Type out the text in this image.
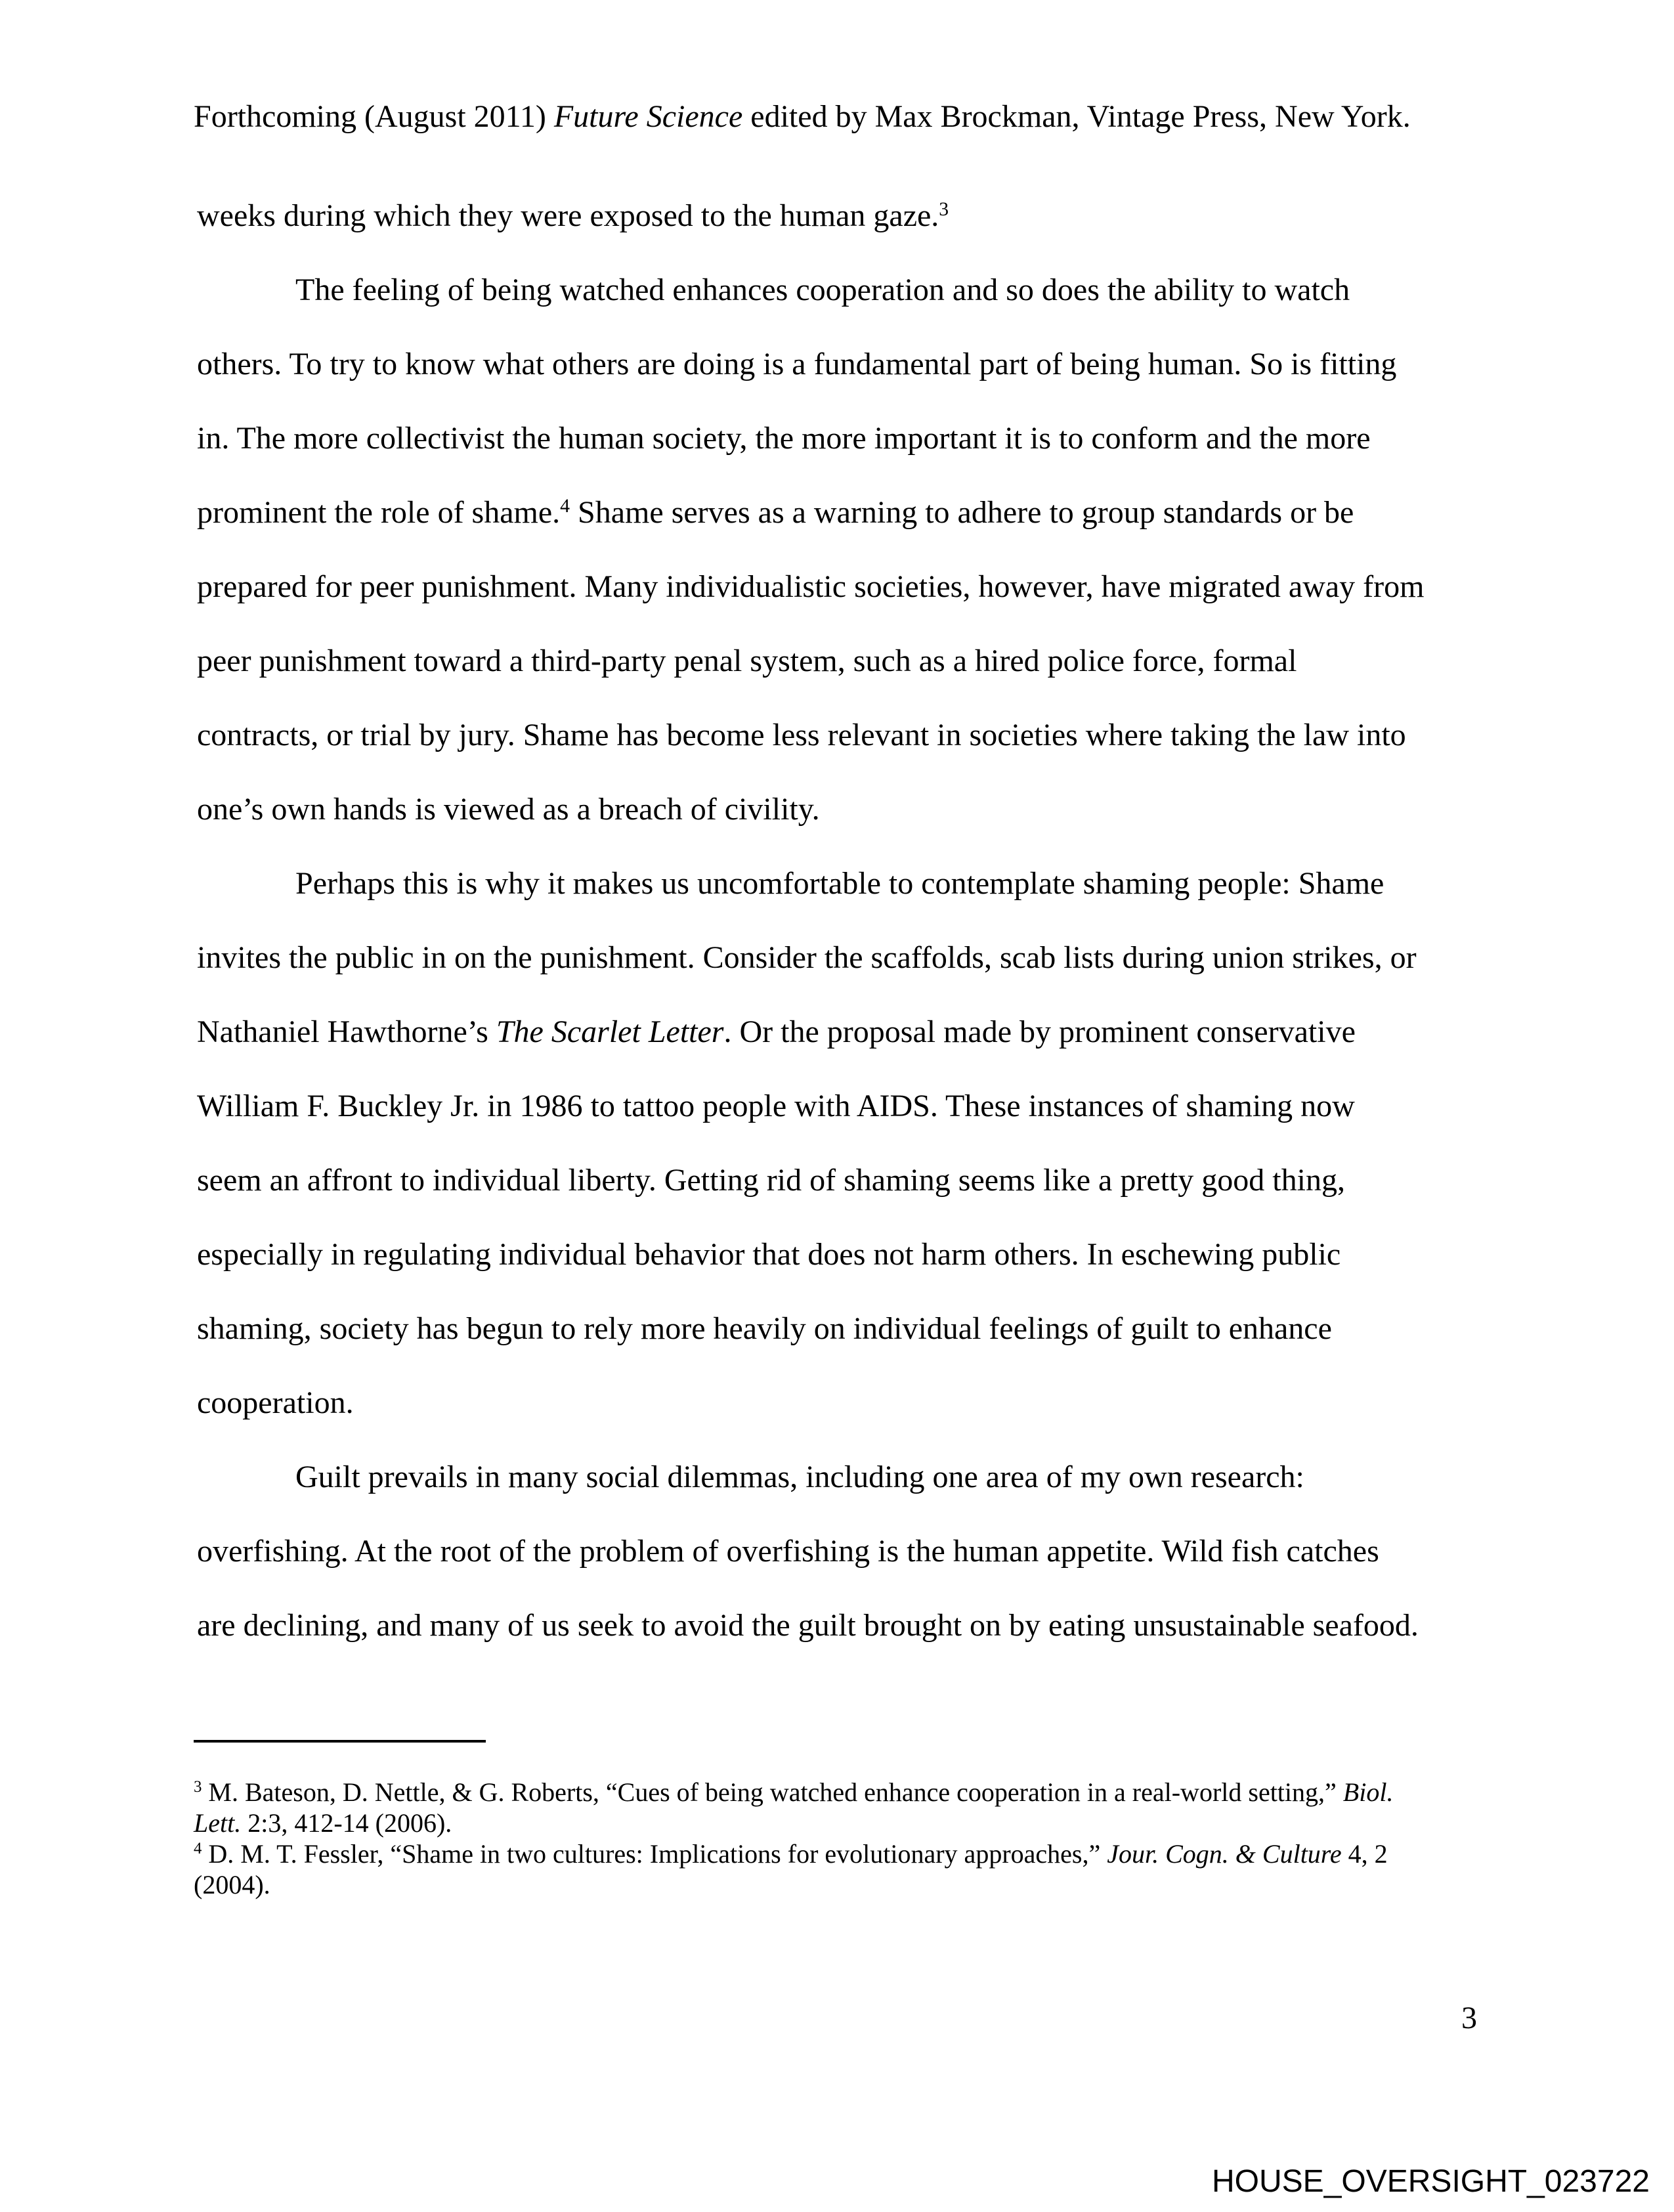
Forthcoming (August 2011) Future Science edited by Max Brockman, Vintage Press, New York.
weeks during which they were exposed to the human gaze.$^3$
The feeling of being watched enhances cooperation and so does the ability to watch
others. To try to know what others are doing is a fundamental part of being human. So is fitting
in. The more collectivist the human society, the more important it is to conform and the more
prominent the role of shame.$^4$ Shame serves as a warning to adhere to group standards or be
prepared for peer punishment. Many individualistic societies, however, have migrated away from
peer punishment toward a third-party penal system, such as a hired police force, formal
contracts, or trial by jury. Shame has become less relevant in societies where taking the law into
one’s own hands is viewed as a breach of civility.
Perhaps this is why it makes us uncomfortable to contemplate shaming people: Shame
invites the public in on the punishment. Consider the scaffolds, scab lists during union strikes, or
Nathaniel Hawthorne’s The Scarlet Letter. Or the proposal made by prominent conservative
William F. Buckley Jr. in 1986 to tattoo people with AIDS. These instances of shaming now
seem an affront to individual liberty. Getting rid of shaming seems like a pretty good thing,
especially in regulating individual behavior that does not harm others. In eschewing public
shaming, society has begun to rely more heavily on individual feelings of guilt to enhance
cooperation.
Guilt prevails in many social dilemmas, including one area of my own research:
overfishing. At the root of the problem of overfishing is the human appetite. Wild fish catches
are declining, and many of us seek to avoid the guilt brought on by eating unsustainable seafood.
$^3$ M. Bateson, D. Nettle, & G. Roberts, “Cues of being watched enhance cooperation in a real-world setting,” Biol.
Lett. 2:3, 412-14 (2006).
$^4$ D. M. T. Fessler, “Shame in two cultures: Implications for evolutionary approaches,” Jour. Cogn. & Culture 4, 2
(2004).
3
HOUSE_OVERSIGHT_023722
